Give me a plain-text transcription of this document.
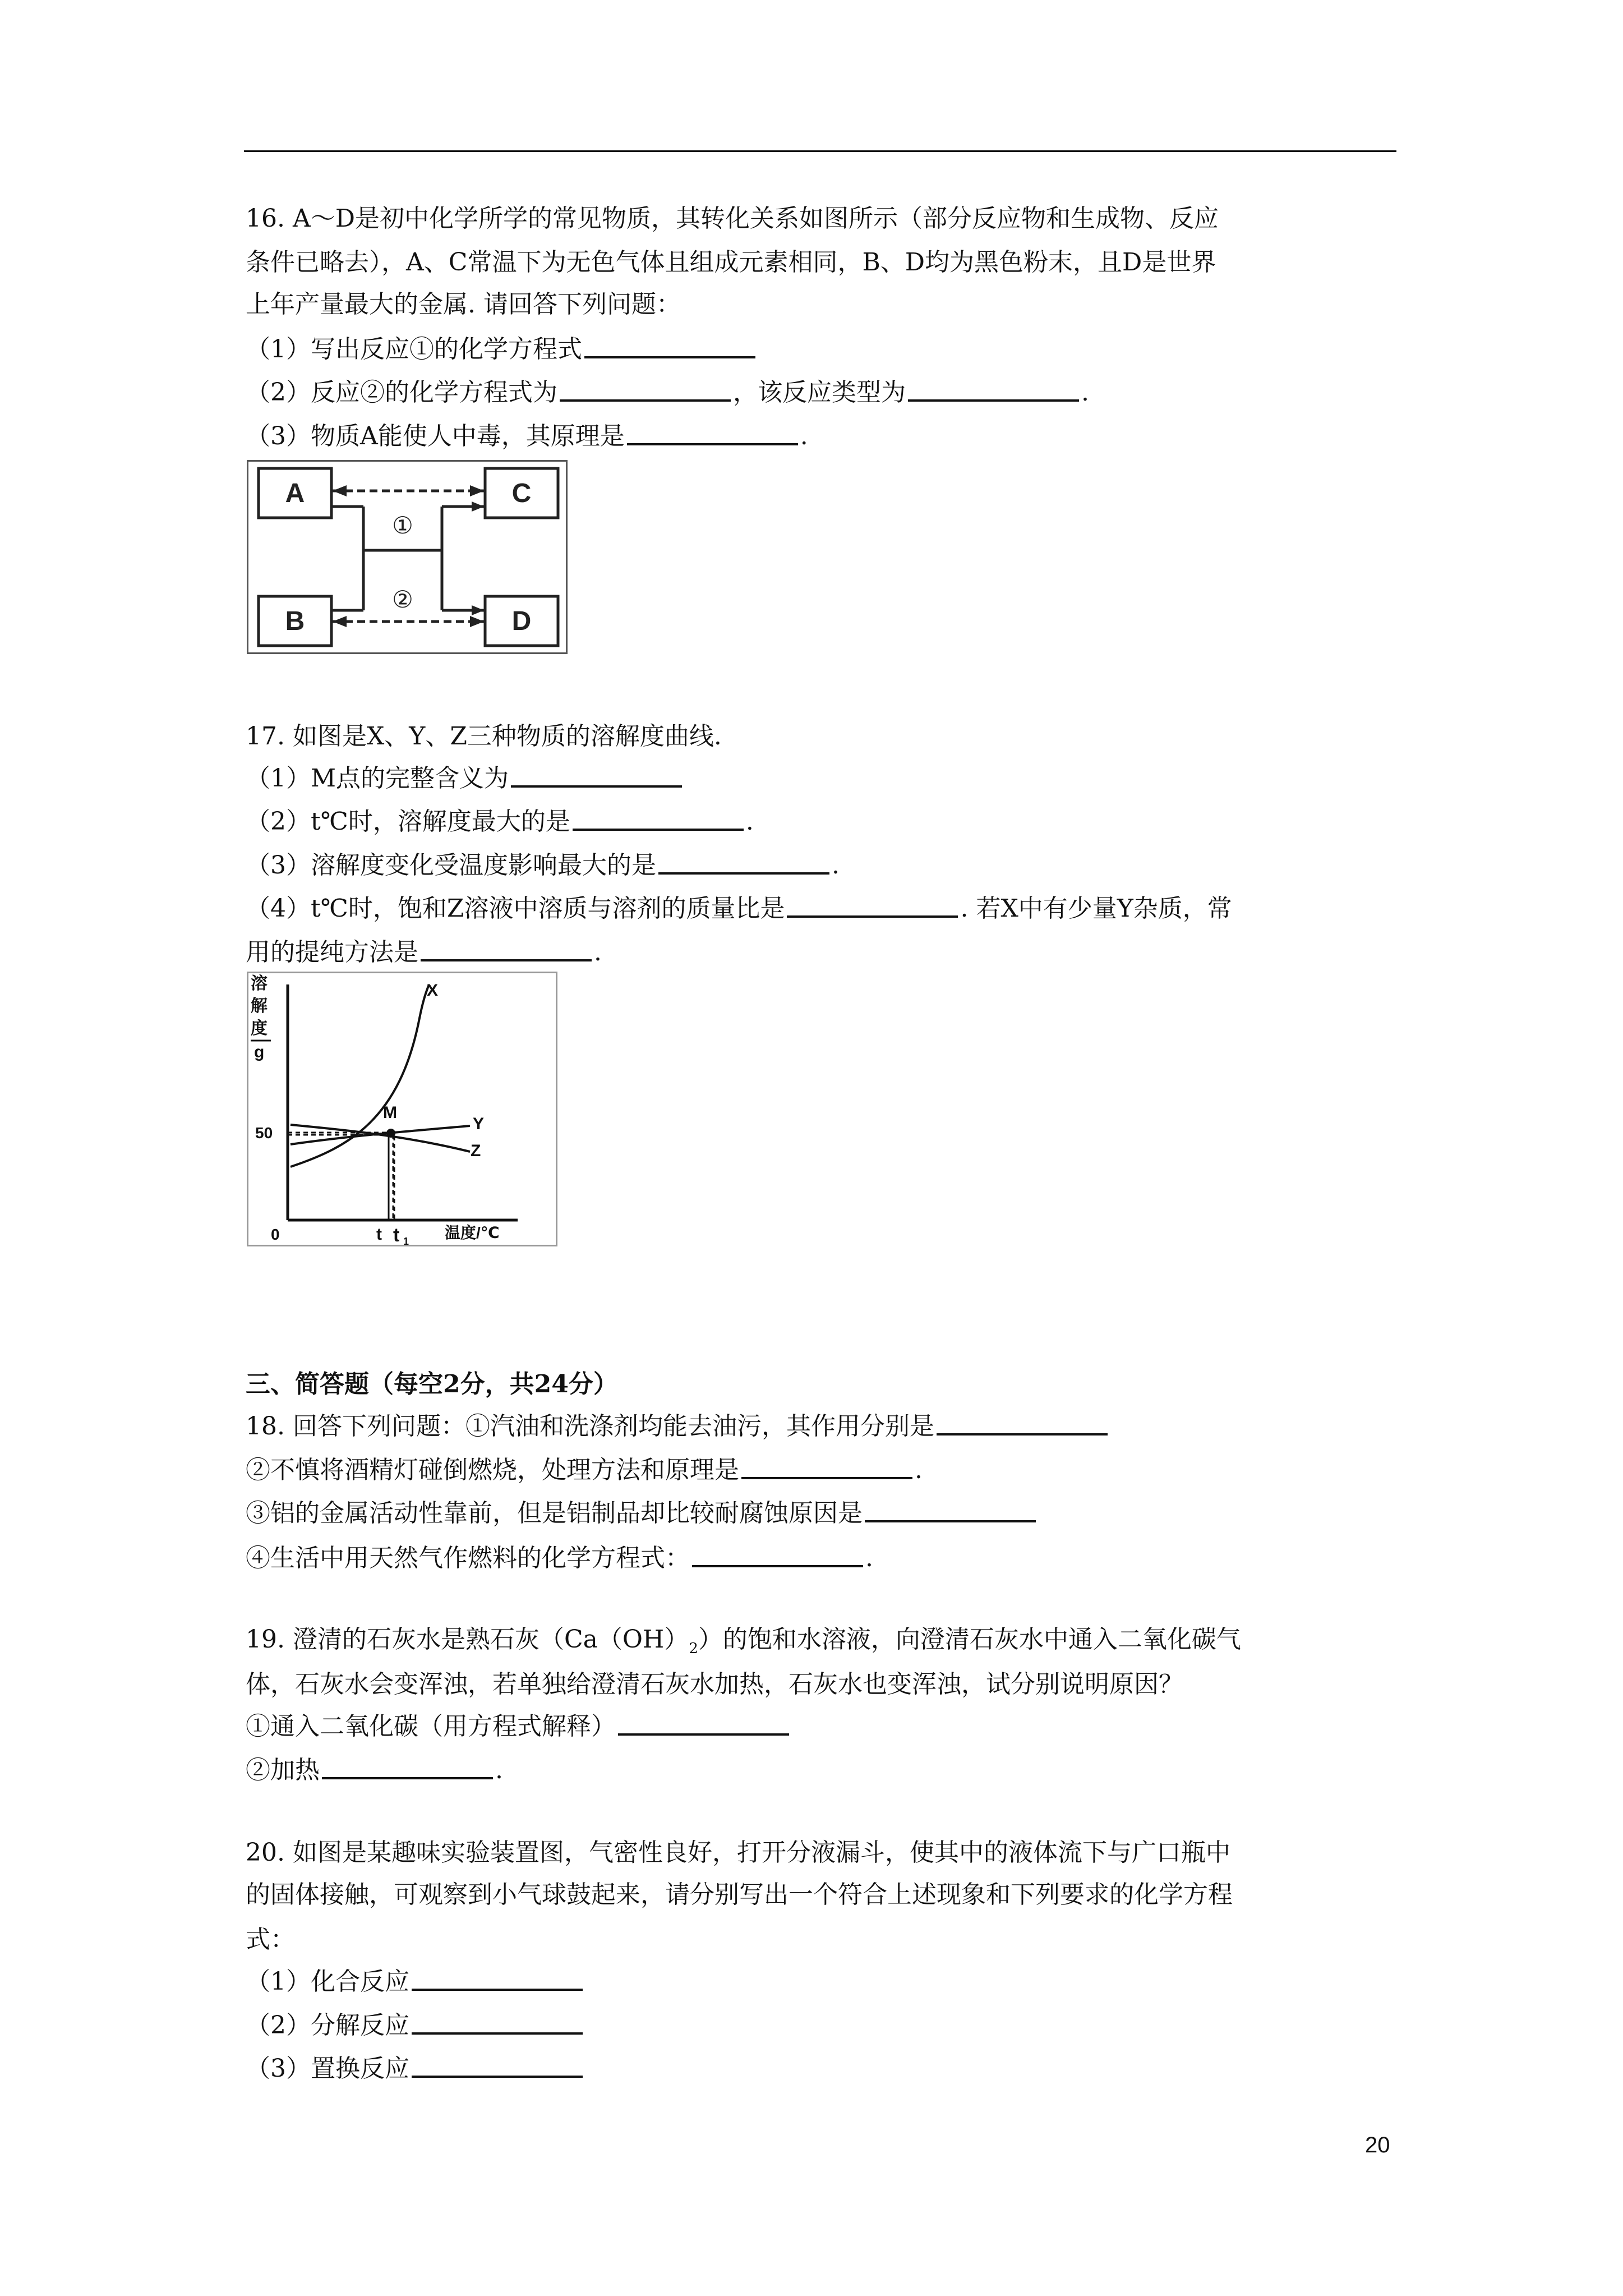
16. A～D是初中化学所学的常见物质，其转化关系如图所示（部分反应物和生成物、反应
条件已略去），A、C常温下为无色气体且组成元素相同，B、D均为黑色粉末，且D是世界
上年产量最大的金属. 请回答下列问题：
（1）写出反应①的化学方程式
（2）反应②的化学方程式为	，该反应类型为	.
（3）物质A能使人中毒，其原理是	.
A	C
B	D
①
②
17. 如图是X、Y、Z三种物质的溶解度曲线.
（1）M点的完整含义为
（2）t℃时，溶解度最大的是	.
（3）溶解度变化受温度影响最大的是	.
（4）t℃时，饱和Z溶液中溶质与溶剂的质量比是	. 若X中有少量Y杂质，常
用的提纯方法是	.
溶
解
度
g
50
0	t t 1 温度/℃
X
Y
Z
M
三、简答题（每空2分，共24分）
18. 回答下列问题：①汽油和洗涤剂均能去油污，其作用分别是
②不慎将酒精灯碰倒燃烧，处理方法和原理是	.
③铝的金属活动性靠前，但是铝制品却比较耐腐蚀原因是
④生活中用天然气作燃料的化学方程式：	.
19. 澄清的石灰水是熟石灰$(Ca(OH)_2)$的饱和水溶液，向澄清石灰水中通入二氧化碳气
体，石灰水会变浑浊，若单独给澄清石灰水加热，石灰水也变浑浊，试分别说明原因？
①通入二氧化碳（用方程式解释）
②加热	.
20. 如图是某趣味实验装置图，气密性良好，打开分液漏斗，使其中的液体流下与广口瓶中
的固体接触，可观察到小气球鼓起来，请分别写出一个符合上述现象和下列要求的化学方程
式：
（1）化合反应
（2）分解反应
（3）置换反应
20
